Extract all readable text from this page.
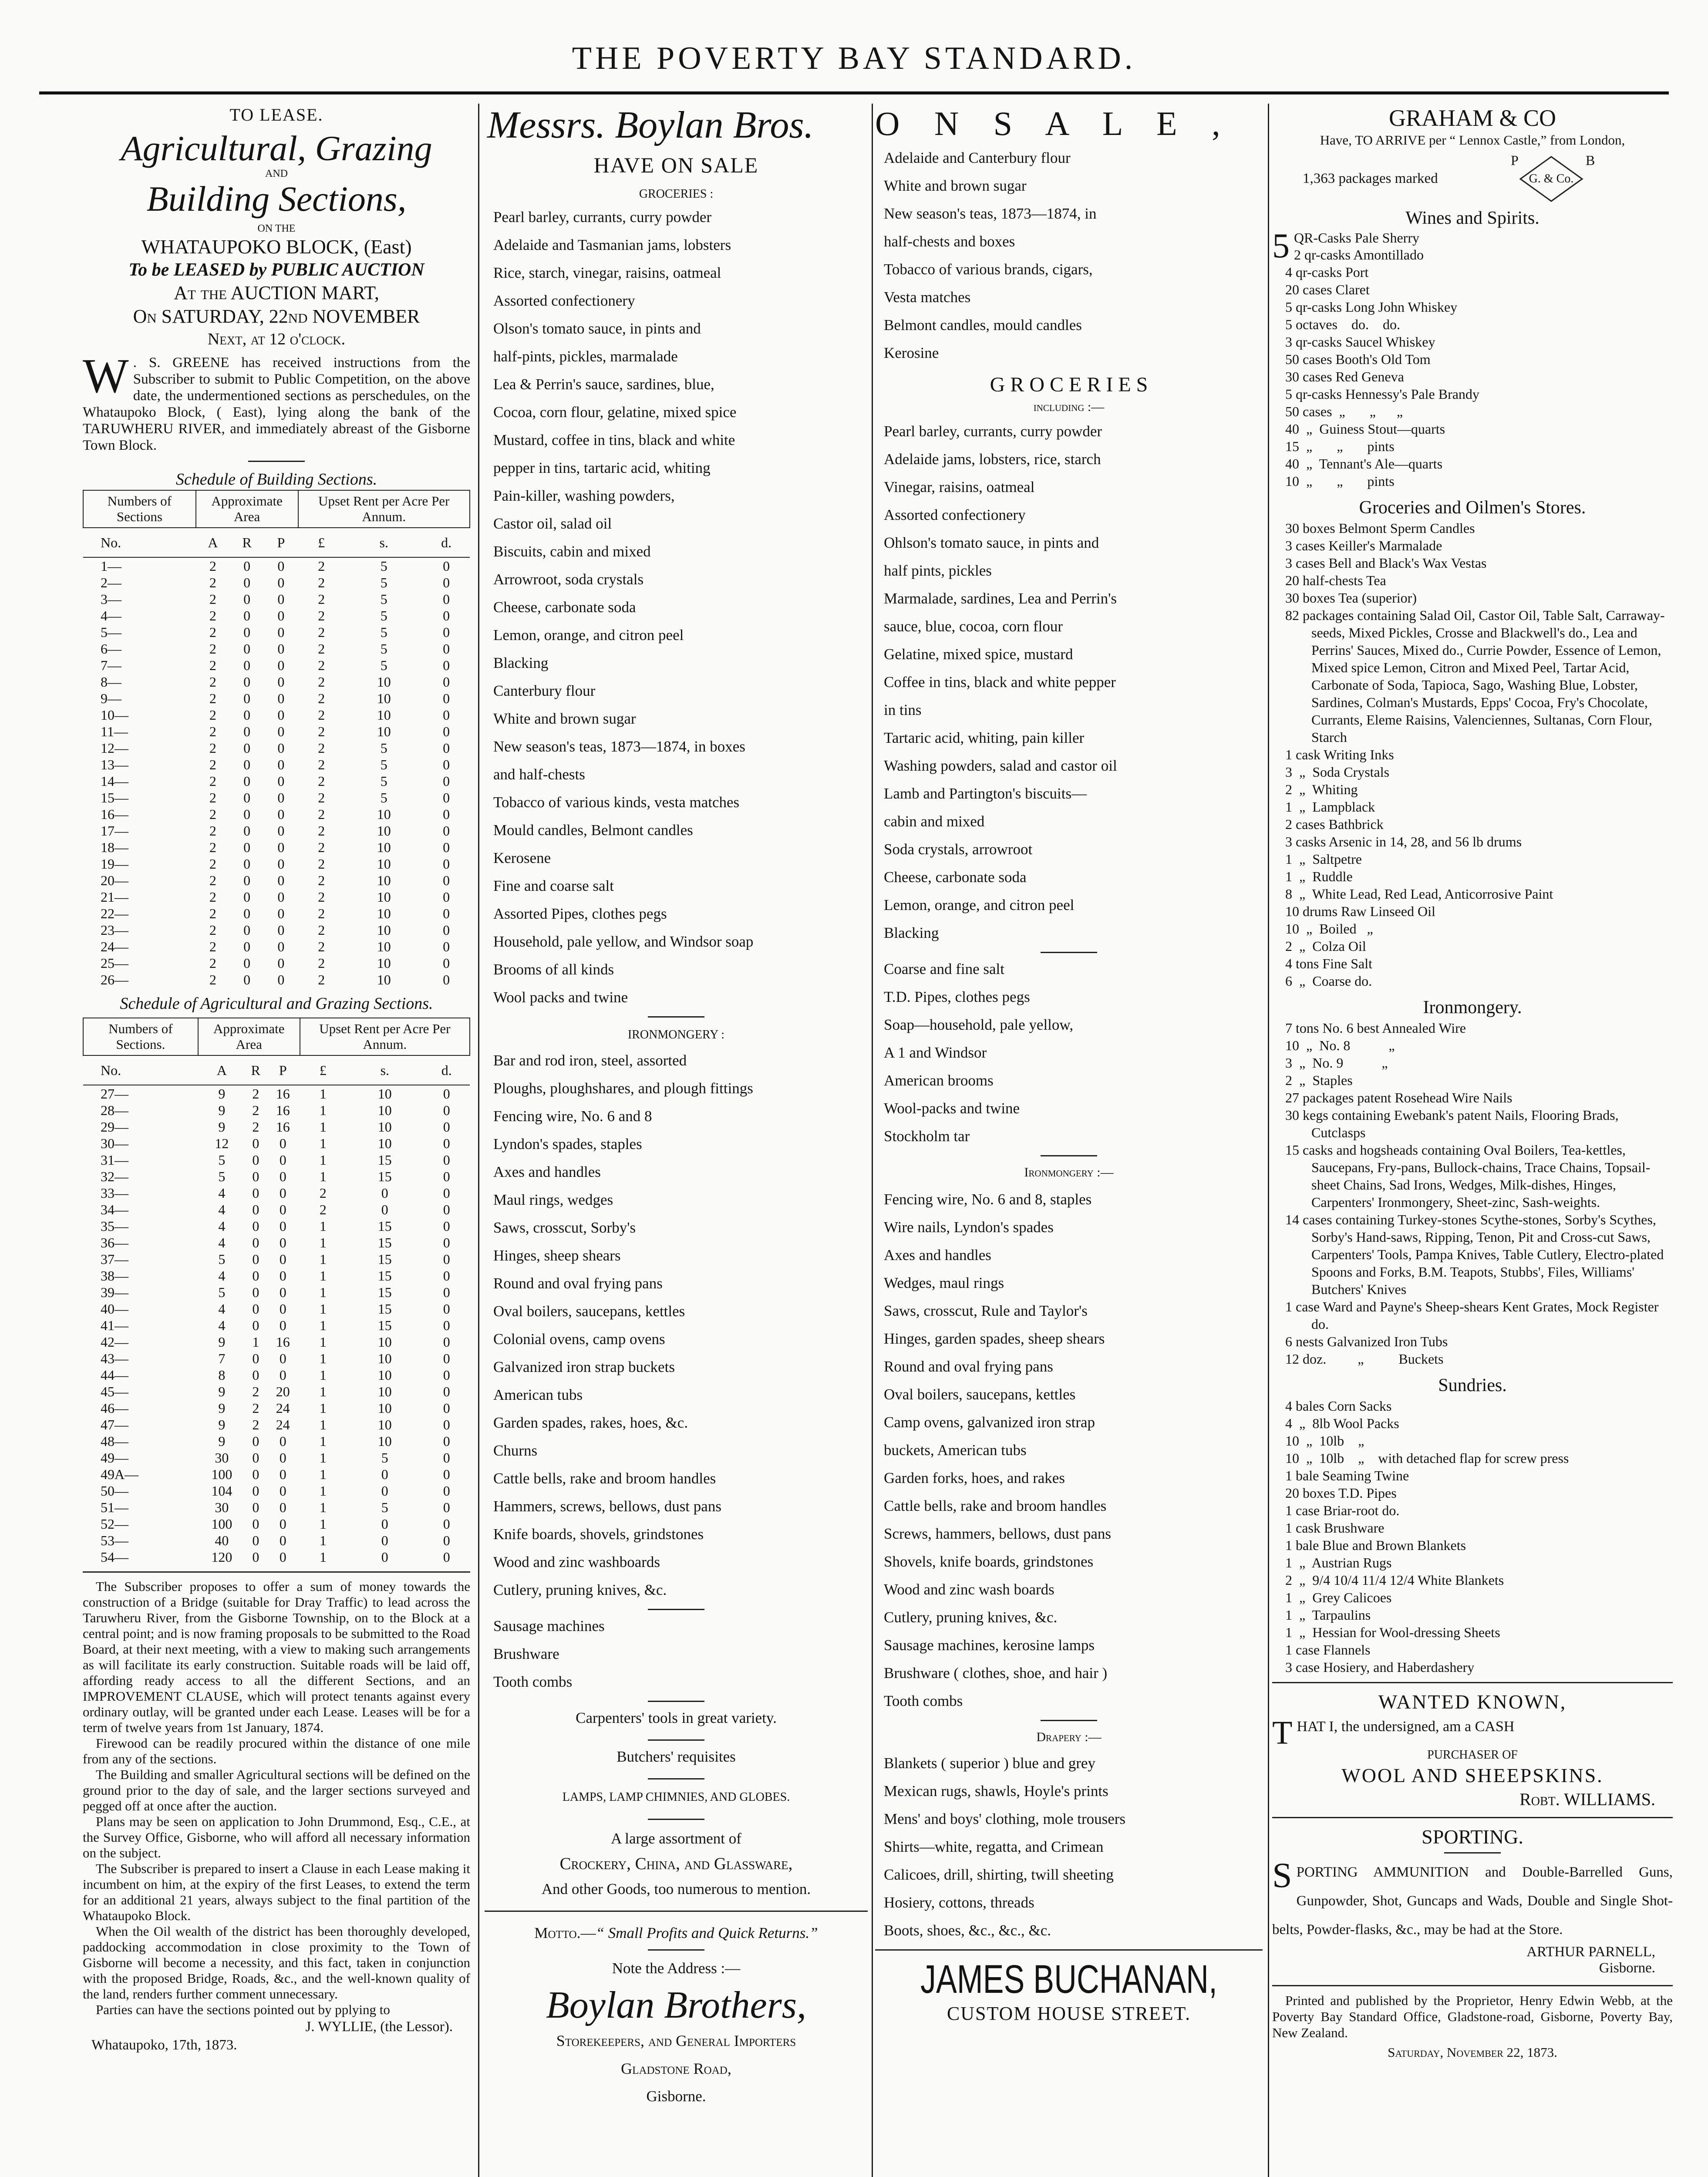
THE POVERTY BAY STANDARD.
TO LEASE.
Agricultural, Grazing
AND
Building Sections,
ON THE
WHATAUPOKO BLOCK, (East)
To be LEASED by PUBLIC AUCTION
At the AUCTION MART,
On SATURDAY, 22nd NOVEMBER
Next, at 12 o'clock.
W . S. GREENE has received instructions from the Subscriber to submit to Public Competition, on the above date, the undermentioned sections as perschedules, on the Whataupoko Block, ( East), lying along the bank of the TARUWHERU RIVER, and immediately abreast of the Gisborne Town Block.
Schedule of Building Sections.
Numbers of Sections	Approximate Area			Upset Rent per Acre Per Annum.		
No.	A	R	P	£	s.	d.
1—	2	0	0	2	5	0
2—	2	0	0	2	5	0
3—	2	0	0	2	5	0
4—	2	0	0	2	5	0
5—	2	0	0	2	5	0
6—	2	0	0	2	5	0
7—	2	0	0	2	5	0
8—	2	0	0	2	10	0
9—	2	0	0	2	10	0
10—	2	0	0	2	10	0
11—	2	0	0	2	10	0
12—	2	0	0	2	5	0
13—	2	0	0	2	5	0
14—	2	0	0	2	5	0
15—	2	0	0	2	5	0
16—	2	0	0	2	10	0
17—	2	0	0	2	10	0
18—	2	0	0	2	10	0
19—	2	0	0	2	10	0
20—	2	0	0	2	10	0
21—	2	0	0	2	10	0
22—	2	0	0	2	10	0
23—	2	0	0	2	10	0
24—	2	0	0	2	10	0
25—	2	0	0	2	10	0
26—	2	0	0	2	10	0
Schedule of Agricultural and Grazing Sections.
Numbers of Sections.	Approximate Area			Upset Rent per Acre Per Annum.		
No.	A	R	P	£	s.	d.
27—	9	2	16	1	10	0
28—	9	2	16	1	10	0
29—	9	2	16	1	10	0
30—	12	0	0	1	10	0
31—	5	0	0	1	15	0
32—	5	0	0	1	15	0
33—	4	0	0	2	0	0
34—	4	0	0	2	0	0
35—	4	0	0	1	15	0
36—	4	0	0	1	15	0
37—	5	0	0	1	15	0
38—	4	0	0	1	15	0
39—	5	0	0	1	15	0
40—	4	0	0	1	15	0
41—	4	0	0	1	15	0
42—	9	1	16	1	10	0
43—	7	0	0	1	10	0
44—	8	0	0	1	10	0
45—	9	2	20	1	10	0
46—	9	2	24	1	10	0
47—	9	2	24	1	10	0
48—	9	0	0	1	10	0
49—	30	0	0	1	5	0
49A—	100	0	0	1	0	0
50—	104	0	0	1	0	0
51—	30	0	0	1	5	0
52—	100	0	0	1	0	0
53—	40	0	0	1	0	0
54—	120	0	0	1	0	0
The Subscriber proposes to offer a sum of money towards the construction of a Bridge (suitable for Dray Traffic) to lead across the Taruwheru River, from the Gisborne Township, on to the Block at a central point; and is now framing proposals to be submitted to the Road Board, at their next meeting, with a view to making such arrangements as will facilitate its early construction. Suitable roads will be laid off, affording ready access to all the different Sections, and an IMPROVEMENT CLAUSE, which will protect tenants against every ordinary outlay, will be granted under each Lease. Leases will be for a term of twelve years from 1st January, 1874.
Firewood can be readily procured within the distance of one mile from any of the sections.
The Building and smaller Agricultural sections will be defined on the ground prior to the day of sale, and the larger sections surveyed and pegged off at once after the auction.
Plans may be seen on application to John Drummond, Esq., C.E., at the Survey Office, Gisborne, who will afford all necessary information on the subject.
The Subscriber is prepared to insert a Clause in each Lease making it incumbent on him, at the expiry of the first Leases, to extend the term for an additional 21 years, always subject to the final partition of the Whataupoko Block.
When the Oil wealth of the district has been thoroughly developed, paddocking accommodation in close proximity to the Town of Gisborne will become a necessity, and this fact, taken in conjunction with the proposed Bridge, Roads, &c., and the well-known quality of the land, renders further comment unnecessary.
Parties can have the sections pointed out by pplying to
J. WYLLIE, (the Lessor).
Whataupoko, 17th, 1873.
Messrs. Boylan Bros.
HAVE ON SALE
GROCERIES :
Pearl barley, currants, curry powder
Adelaide and Tasmanian jams, lobsters
Rice, starch, vinegar, raisins, oatmeal
Assorted confectionery
Olson's tomato sauce, in pints and
half-pints, pickles, marmalade
Lea & Perrin's sauce, sardines, blue,
Cocoa, corn flour, gelatine, mixed spice
Mustard, coffee in tins, black and white
pepper in tins, tartaric acid, whiting
Pain-killer, washing powders,
Castor oil, salad oil
Biscuits, cabin and mixed
Arrowroot, soda crystals
Cheese, carbonate soda
Lemon, orange, and citron peel
Blacking
Canterbury flour
White and brown sugar
New season's teas, 1873—1874, in boxes
and half-chests
Tobacco of various kinds, vesta matches
Mould candles, Belmont candles
Kerosene
Fine and coarse salt
Assorted Pipes, clothes pegs
Household, pale yellow, and Windsor soap
Brooms of all kinds
Wool packs and twine
IRONMONGERY :
Bar and rod iron, steel, assorted
Ploughs, ploughshares, and plough fittings
Fencing wire, No. 6 and 8
Lyndon's spades, staples
Axes and handles
Maul rings, wedges
Saws, crosscut, Sorby's
Hinges, sheep shears
Round and oval frying pans
Oval boilers, saucepans, kettles
Colonial ovens, camp ovens
Galvanized iron strap buckets
American tubs
Garden spades, rakes, hoes, &c.
Churns
Cattle bells, rake and broom handles
Hammers, screws, bellows, dust pans
Knife boards, shovels, grindstones
Wood and zinc washboards
Cutlery, pruning knives, &c.
Sausage machines
Brushware
Tooth combs
Carpenters' tools in great variety.
Butchers' requisites
LAMPS, LAMP CHIMNIES, AND GLOBES.
A large assortment of
Crockery, China, and Glassware,
And other Goods, too numerous to mention.
Motto.—“ Small Profits and Quick Returns.”
Note the Address :—
Boylan Brothers,
Storekeepers, and General Importers
Gladstone Road,
Gisborne.
O N S A L E ,
Adelaide and Canterbury flour
White and brown sugar
New season's teas, 1873—1874, in
half-chests and boxes
Tobacco of various brands, cigars,
Vesta matches
Belmont candles, mould candles
Kerosine
G R O C E R I E S
including :—
Pearl barley, currants, curry powder
Adelaide jams, lobsters, rice, starch
Vinegar, raisins, oatmeal
Assorted confectionery
Ohlson's tomato sauce, in pints and
half pints, pickles
Marmalade, sardines, Lea and Perrin's
sauce, blue, cocoa, corn flour
Gelatine, mixed spice, mustard
Coffee in tins, black and white pepper
in tins
Tartaric acid, whiting, pain killer
Washing powders, salad and castor oil
Lamb and Partington's biscuits—
cabin and mixed
Soda crystals, arrowroot
Cheese, carbonate soda
Lemon, orange, and citron peel
Blacking
Coarse and fine salt
T.D. Pipes, clothes pegs
Soap—household, pale yellow,
A 1 and Windsor
American brooms
Wool-packs and twine
Stockholm tar
Ironmongery :—
Fencing wire, No. 6 and 8, staples
Wire nails, Lyndon's spades
Axes and handles
Wedges, maul rings
Saws, crosscut, Rule and Taylor's
Hinges, garden spades, sheep shears
Round and oval frying pans
Oval boilers, saucepans, kettles
Camp ovens, galvanized iron strap
buckets, American tubs
Garden forks, hoes, and rakes
Cattle bells, rake and broom handles
Screws, hammers, bellows, dust pans
Shovels, knife boards, grindstones
Wood and zinc wash boards
Cutlery, pruning knives, &c.
Sausage machines, kerosine lamps
Brushware ( clothes, shoe, and hair )
Tooth combs
Drapery :—
Blankets ( superior ) blue and grey
Mexican rugs, shawls, Hoyle's prints
Mens' and boys' clothing, mole trousers
Shirts—white, regatta, and Crimean
Calicoes, drill, shirting, twill sheeting
Hosiery, cottons, threads
Boots, shoes, &c., &c., &c.
JAMES BUCHANAN,
CUSTOM HOUSE STREET.
GRAHAM & CO
Have, TO ARRIVE per “ Lennox Castle,” from London,
1,363 packages marked
P	B
G. & Co.
Wines and Spirits.
5 QR-Casks Pale Sherry
2 qr-casks Amontillado
4 qr-casks Port
20 cases Claret
5 qr-casks Long John Whiskey
5 octaves    do.    do.
3 qr-casks Saucel Whiskey
50 cases Booth's Old Tom
30 cases Red Geneva
5 qr-casks Hennessy's Pale Brandy
50 cases  „       „      „
40  „  Guiness Stout—quarts
15  „       „       pints
40  „  Tennant's Ale—quarts
10  „       „       pints
Groceries and Oilmen's Stores.
30 boxes Belmont Sperm Candles
3 cases Keiller's Marmalade
3 cases Bell and Black's Wax Vestas
20 half-chests Tea
30 boxes Tea (superior)
82 packages containing Salad Oil, Castor Oil, Table Salt, Carraway-seeds, Mixed Pickles, Crosse and Blackwell's do., Lea and Perrins' Sauces, Mixed do., Currie Powder, Essence of Lemon, Mixed spice Lemon, Citron and Mixed Peel, Tartar Acid, Carbonate of Soda, Tapioca, Sago, Washing Blue, Lobster, Sardines, Colman's Mustards, Epps' Cocoa, Fry's Chocolate, Currants, Eleme Raisins, Valenciennes, Sultanas, Corn Flour, Starch
1 cask Writing Inks
3  „  Soda Crystals
2  „  Whiting
1  „  Lampblack
2 cases Bathbrick
3 casks Arsenic in 14, 28, and 56 lb drums
1  „  Saltpetre
1  „  Ruddle
8  „  White Lead, Red Lead, Anticorrosive Paint
10 drums Raw Linseed Oil
10  „  Boiled   „
2  „  Colza Oil
4 tons Fine Salt
6  „  Coarse do.
Ironmongery.
7 tons No. 6 best Annealed Wire
10  „  No. 8           „
3  „  No. 9           „
2  „  Staples
27 packages patent Rosehead Wire Nails
30 kegs containing Ewebank's patent Nails, Flooring Brads, Cutclasps
15 casks and hogsheads containing Oval Boilers, Tea-kettles, Saucepans, Fry-pans, Bullock-chains, Trace Chains, Topsail-sheet Chains, Sad Irons, Wedges, Milk-dishes, Hinges, Carpenters' Ironmongery, Sheet-zinc, Sash-weights.
14 cases containing Turkey-stones Scythe-stones, Sorby's Scythes, Sorby's Hand-saws, Ripping, Tenon, Pit and Cross-cut Saws, Carpenters' Tools, Pampa Knives, Table Cutlery, Electro-plated Spoons and Forks, B.M. Teapots, Stubbs', Files, Williams' Butchers' Knives
1 case Ward and Payne's Sheep-shears Kent Grates, Mock Register do.
6 nests Galvanized Iron Tubs
12 doz.         „          Buckets
Sundries.
4 bales Corn Sacks
4  „  8lb Wool Packs
10  „  10lb    „
10  „  10lb    „    with detached flap for screw press
1 bale Seaming Twine
20 boxes T.D. Pipes
1 case Briar-root do.
1 cask Brushware
1 bale Blue and Brown Blankets
1  „  Austrian Rugs
2  „  9/4 10/4 11/4 12/4 White Blankets
1  „  Grey Calicoes
1  „  Tarpaulins
1  „  Hessian for Wool-dressing Sheets
1 case Flannels
3 case Hosiery, and Haberdashery
WANTED KNOWN,
THAT I, the undersigned, am a CASH
PURCHASER OF
WOOL AND SHEEPSKINS.
Robt. WILLIAMS.
SPORTING.
SPORTING AMMUNITION and Double-Barrelled Guns, Gunpowder, Shot, Guncaps and Wads, Double and Single Shot-belts, Powder-flasks, &c., may be had at the Store.
ARTHUR PARNELL,
Gisborne.
Printed and published by the Proprietor, Henry Edwin Webb, at the Poverty Bay Standard Office, Gladstone-road, Gisborne, Poverty Bay, New Zealand.
Saturday, November 22, 1873.
